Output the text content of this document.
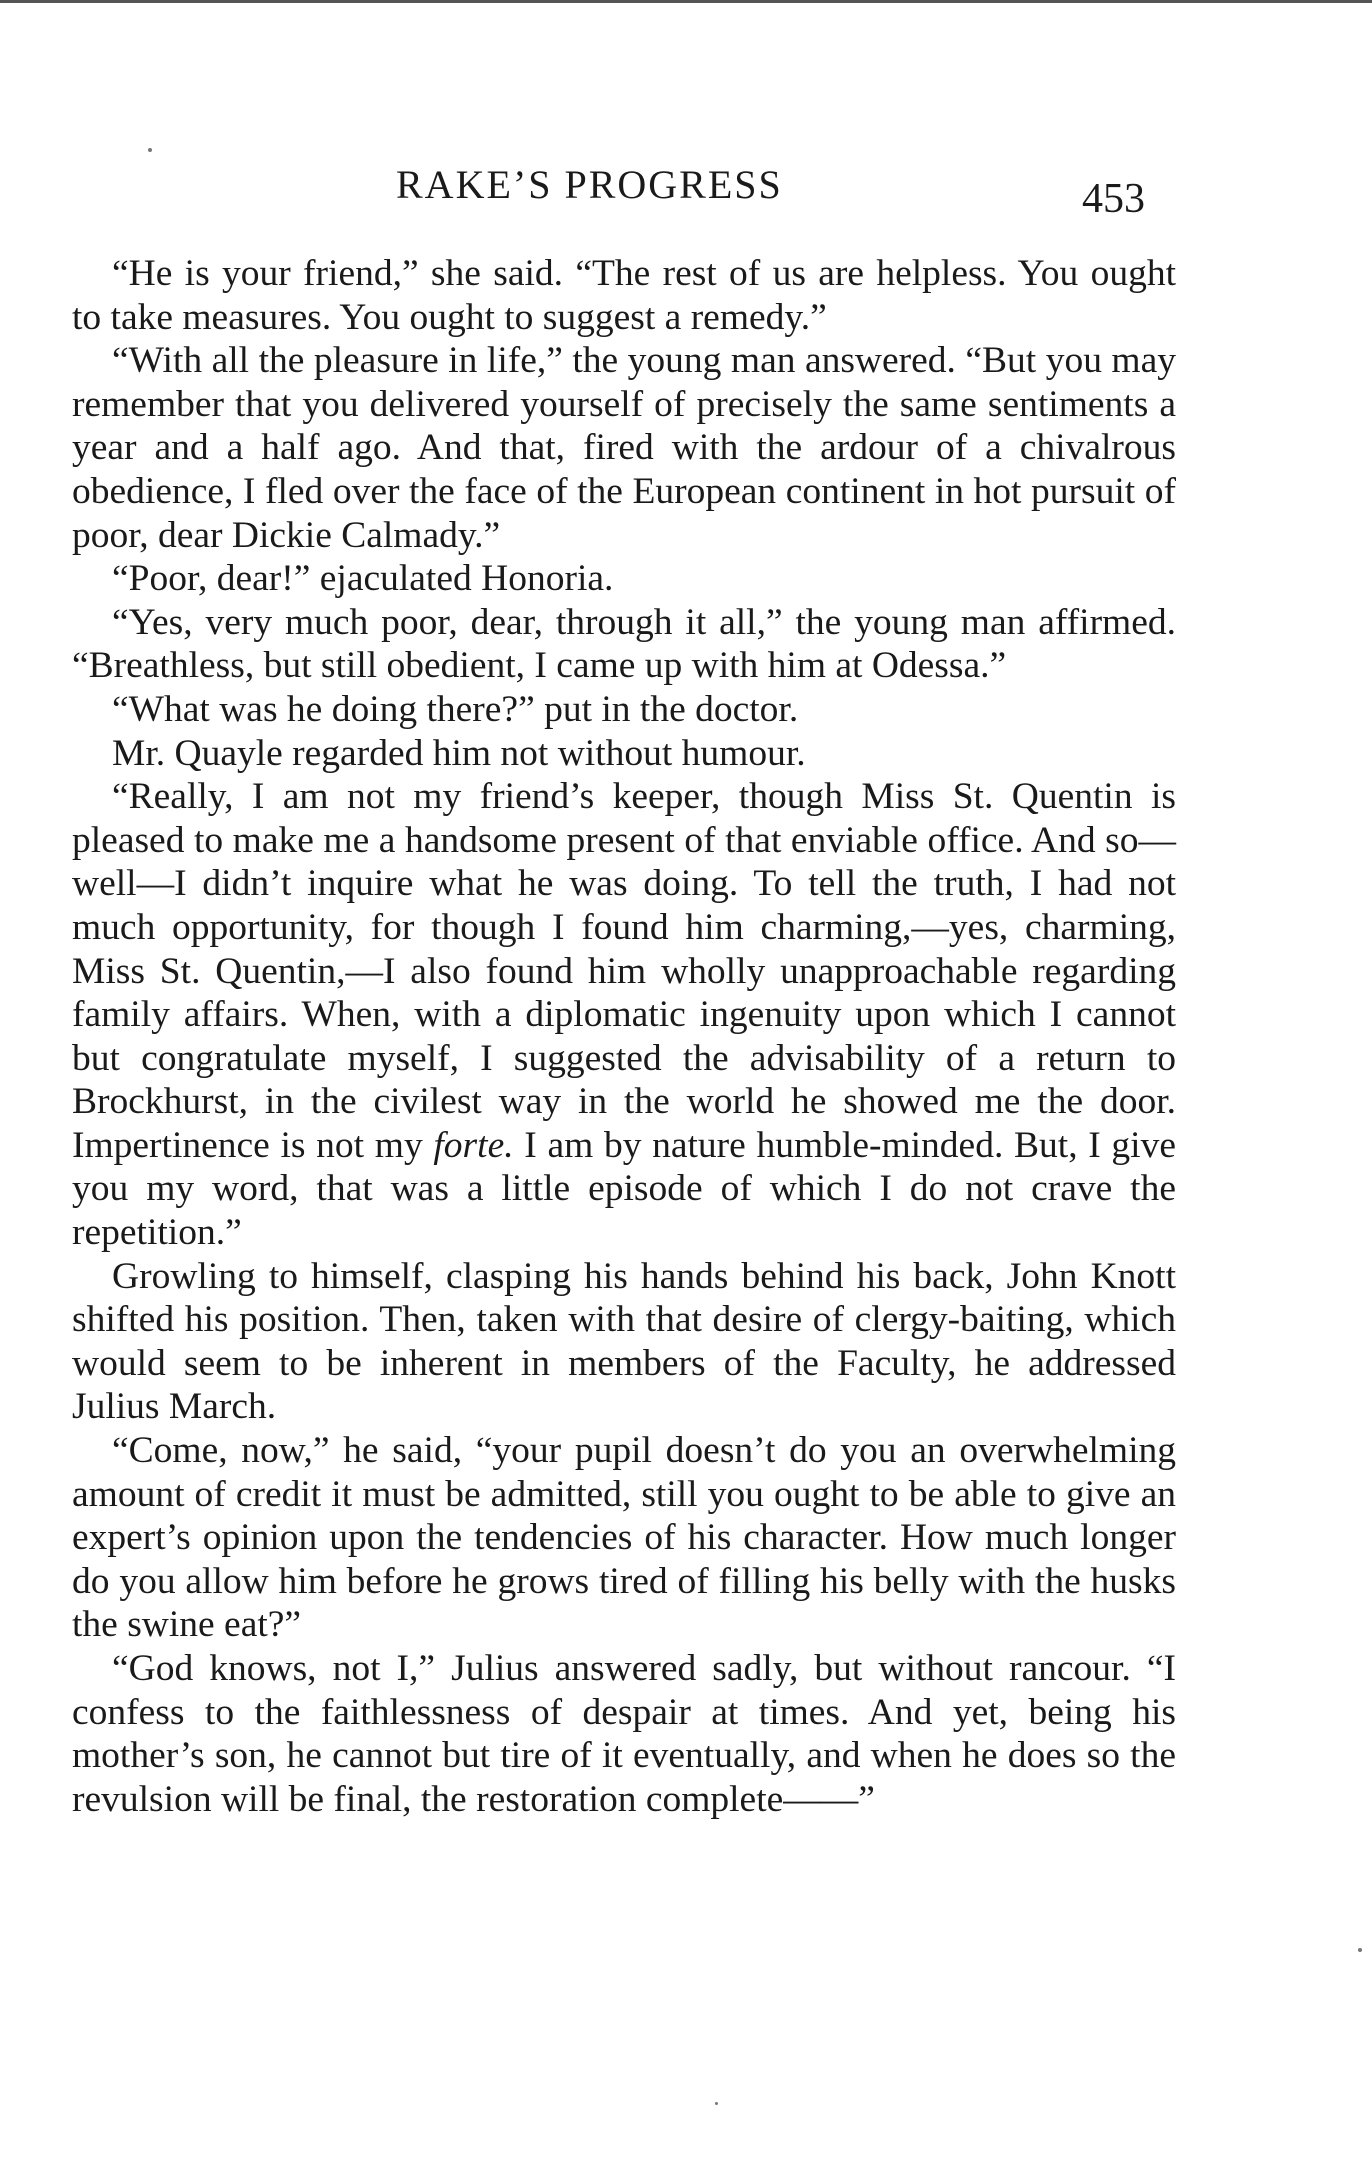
RAKE’S PROGRESS	453

“He is your friend,” she said. “The rest of us are helpless. You ought to take measures. You ought to suggest a remedy.”

“With all the pleasure in life,” the young man answered. “But you may remember that you delivered yourself of precisely the same sentiments a year and a half ago. And that, fired with the ardour of a chivalrous obedience, I fled over the face of the European continent in hot pursuit of poor, dear Dickie Calmady.”

“Poor, dear!” ejaculated Honoria.

“Yes, very much poor, dear, through it all,” the young man affirmed. “Breathless, but still obedient, I came up with him at Odessa.”

“What was he doing there?” put in the doctor.

Mr. Quayle regarded him not without humour.

“Really, I am not my friend’s keeper, though Miss St. Quentin is pleased to make me a handsome present of that enviable office. And so—well—I didn’t inquire what he was doing. To tell the truth, I had not much opportunity, for though I found him charming,—yes, charming, Miss St. Quentin,—I also found him wholly unapproachable regarding family affairs. When, with a diplomatic ingenuity upon which I cannot but congratulate myself, I suggested the advisability of a return to Brockhurst, in the civilest way in the world he showed me the door. Impertinence is not my forte. I am by nature humble-minded. But, I give you my word, that was a little episode of which I do not crave the repetition.”

Growling to himself, clasping his hands behind his back, John Knott shifted his position. Then, taken with that desire of clergy-baiting, which would seem to be inherent in members of the Faculty, he addressed Julius March.

“Come, now,” he said, “your pupil doesn’t do you an overwhelming amount of credit it must be admitted, still you ought to be able to give an expert’s opinion upon the tendencies of his character. How much longer do you allow him before he grows tired of filling his belly with the husks the swine eat?”

“God knows, not I,” Julius answered sadly, but without rancour. “I confess to the faithlessness of despair at times. And yet, being his mother’s son, he cannot but tire of it eventually, and when he does so the revulsion will be final, the restoration complete——”
